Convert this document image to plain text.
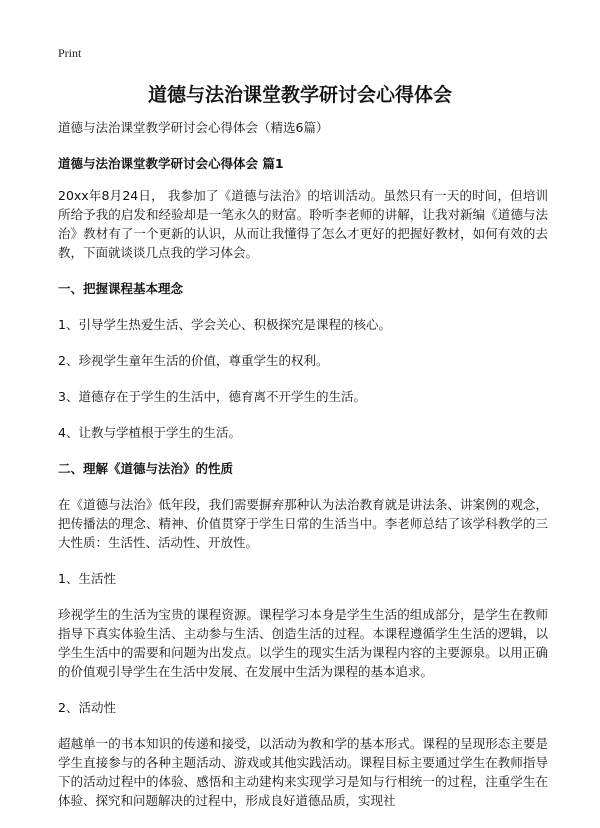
Print
道德与法治课堂教学研讨会心得体会

道德与法治课堂教学研讨会心得体会（精选6篇）

道德与法治课堂教学研讨会心得体会 篇1

20xx年8月24日， 我参加了《道德与法治》的培训活动。虽然只有一天的时间，但培训所给予我的启发和经验却是一笔永久的财富。聆听李老师的讲解，让我对新编《道德与法治》教材有了一个更新的认识，从而让我懂得了怎么才更好的把握好教材，如何有效的去教，下面就谈谈几点我的学习体会。

一、把握课程基本理念

1、引导学生热爱生活、学会关心、积极探究是课程的核心。

2、珍视学生童年生活的价值，尊重学生的权利。

3、道德存在于学生的生活中，德育离不开学生的生活。

4、让教与学植根于学生的生活。

二、理解《道德与法治》的性质

在《道德与法治》低年段，我们需要摒弃那种认为法治教育就是讲法条、讲案例的观念，把传播法的理念、精神、价值贯穿于学生日常的生活当中。李老师总结了该学科教学的三大性质：生活性、活动性、开放性。

1、生活性

珍视学生的生活为宝贵的课程资源。课程学习本身是学生生活的组成部分，是学生在教师指导下真实体验生活、主动参与生活、创造生活的过程。本课程遵循学生生活的逻辑，以学生生活中的需要和问题为出发点。以学生的现实生活为课程内容的主要源泉。以用正确的价值观引导学生在生活中发展、在发展中生活为课程的基本追求。

2、活动性

超越单一的书本知识的传递和接受，以活动为教和学的基本形式。课程的呈现形态主要是学生直接参与的各种主题活动、游戏或其他实践活动。课程目标主要通过学生在教师指导下的活动过程中的体验、感悟和主动建构来实现学习是知与行相统一的过程，注重学生在体验、探究和问题解决的过程中，形成良好道德品质，实现社
